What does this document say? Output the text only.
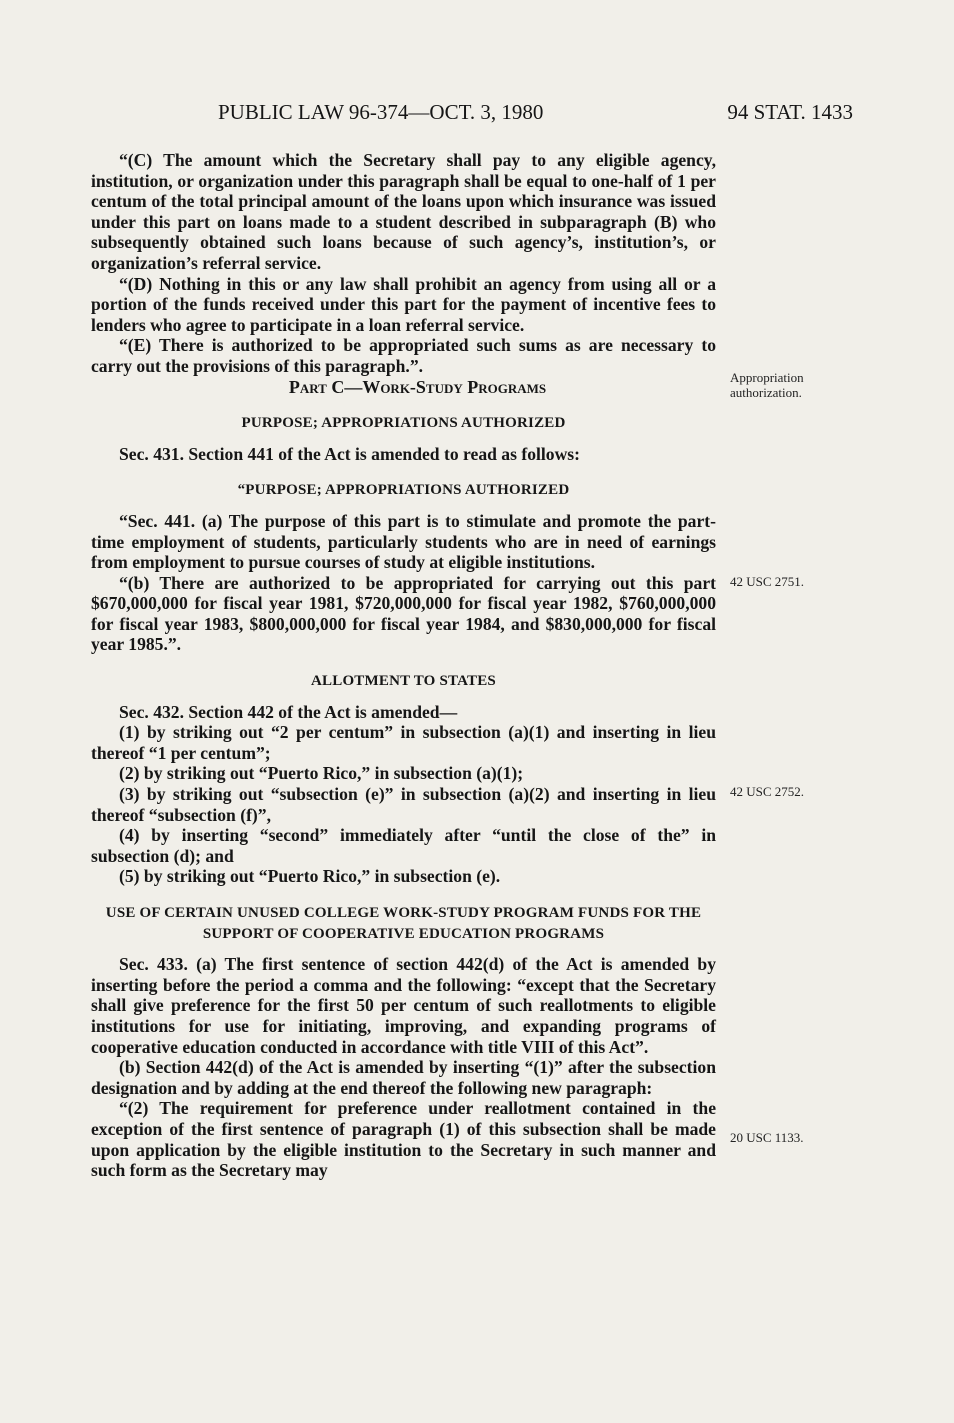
PUBLIC LAW 96-374—OCT. 3, 1980	94 STAT. 1433

“(C) The amount which the Secretary shall pay to any eligible agency, institution, or organization under this paragraph shall be equal to one-half of 1 per centum of the total principal amount of the loans upon which insurance was issued under this part on loans made to a student described in subparagraph (B) who subsequently obtained such loans because of such agency’s, institution’s, or organization’s referral service.

“(D) Nothing in this or any law shall prohibit an agency from using all or a portion of the funds received under this part for the payment of incentive fees to lenders who agree to participate in a loan referral service.

“(E) There is authorized to be appropriated such sums as are necessary to carry out the provisions of this paragraph.”.

Part C—Work-Study Programs

PURPOSE; APPROPRIATIONS AUTHORIZED

Sec. 431. Section 441 of the Act is amended to read as follows:

“PURPOSE; APPROPRIATIONS AUTHORIZED

“Sec. 441. (a) The purpose of this part is to stimulate and promote the part-time employment of students, particularly students who are in need of earnings from employment to pursue courses of study at eligible institutions.

“(b) There are authorized to be appropriated for carrying out this part $670,000,000 for fiscal year 1981, $720,000,000 for fiscal year 1982, $760,000,000 for fiscal year 1983, $800,000,000 for fiscal year 1984, and $830,000,000 for fiscal year 1985.”.

ALLOTMENT TO STATES

Sec. 432. Section 442 of the Act is amended—

(1) by striking out “2 per centum” in subsection (a)(1) and inserting in lieu thereof “1 per centum”;

(2) by striking out “Puerto Rico,” in subsection (a)(1);

(3) by striking out “subsection (e)” in subsection (a)(2) and inserting in lieu thereof “subsection (f)”,

(4) by inserting “second” immediately after “until the close of the” in subsection (d); and

(5) by striking out “Puerto Rico,” in subsection (e).

USE OF CERTAIN UNUSED COLLEGE WORK-STUDY PROGRAM FUNDS FOR THE SUPPORT OF COOPERATIVE EDUCATION PROGRAMS

Sec. 433. (a) The first sentence of section 442(d) of the Act is amended by inserting before the period a comma and the following: “except that the Secretary shall give preference for the first 50 per centum of such reallotments to eligible institutions for use for initiating, improving, and expanding programs of cooperative education conducted in accordance with title VIII of this Act”.

(b) Section 442(d) of the Act is amended by inserting “(1)” after the subsection designation and by adding at the end thereof the following new paragraph:

“(2) The requirement for preference under reallotment contained in the exception of the first sentence of paragraph (1) of this subsection shall be made upon application by the eligible institution to the Secretary in such manner and such form as the Secretary may

Appropriation authorization.
42 USC 2751.
42 USC 2752.
20 USC 1133.
